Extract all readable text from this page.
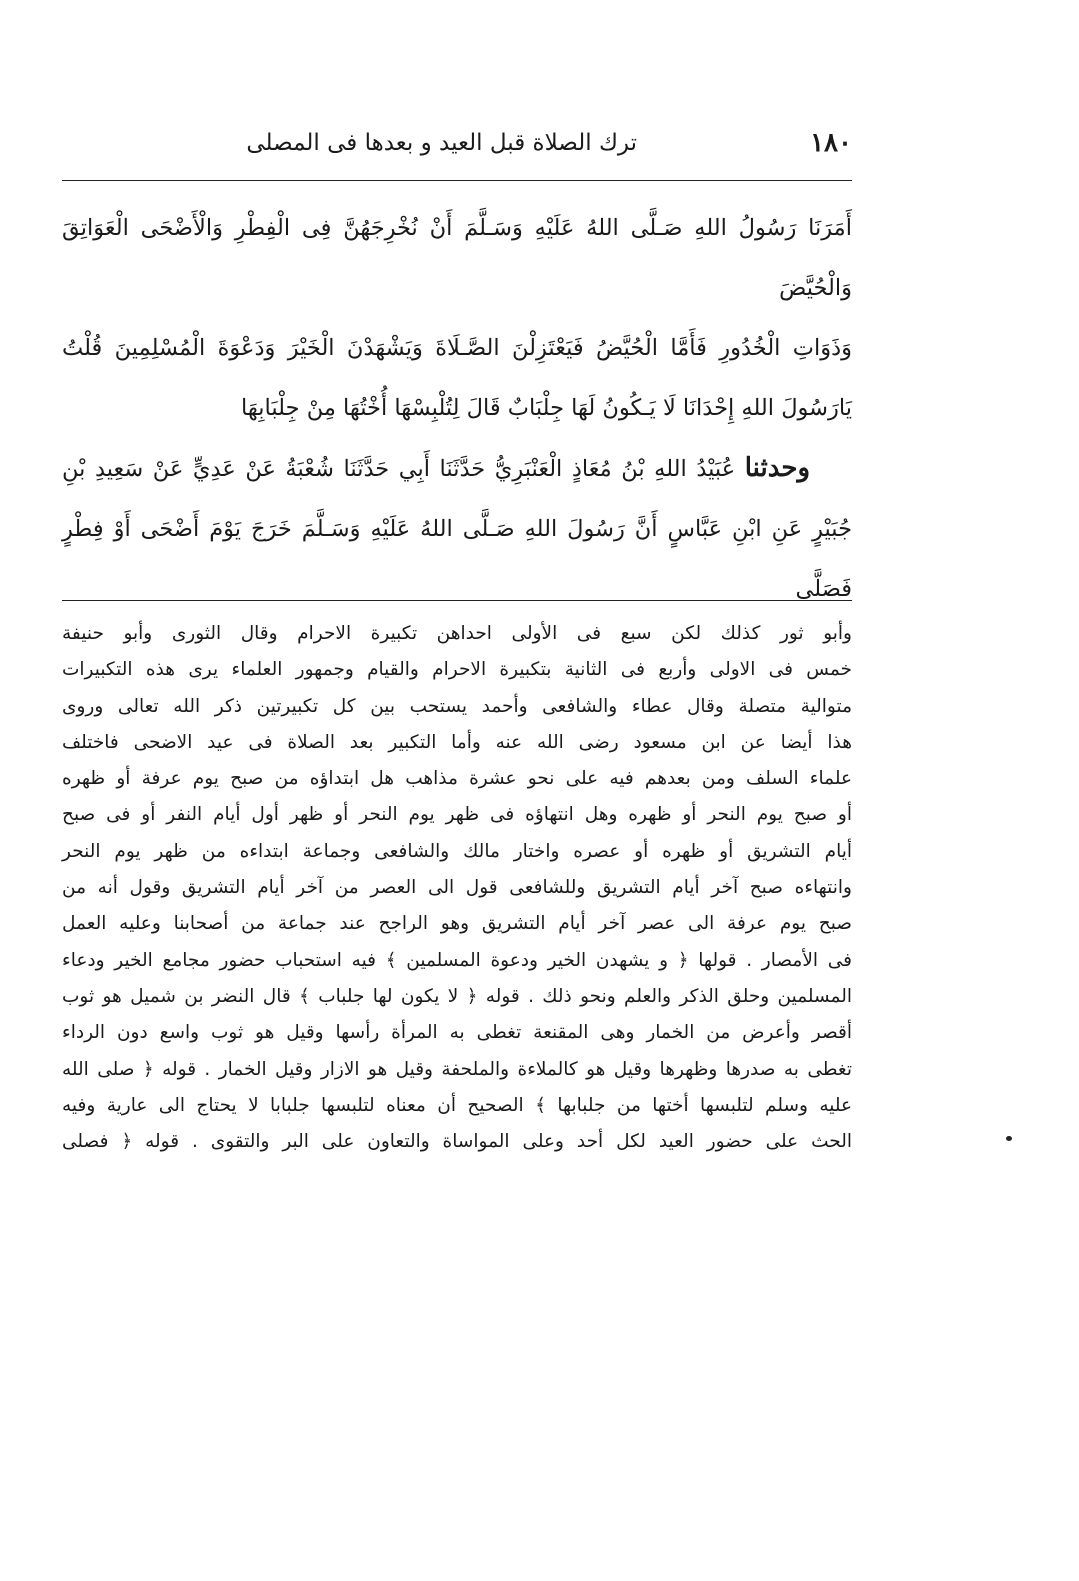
١٨٠
ترك الصلاة قبل العيد و بعدها فى المصلى

أَمَرَنَا رَسُولُ اللهِ صَـلَّى اللهُ عَلَيْهِ وَسَـلَّمَ أَنْ نُخْرِجَهُنَّ فِى الْفِطْرِ وَالْأَضْحَى الْعَوَاتِقَ وَالْحُيَّضَ

وَذَوَاتِ الْخُدُورِ فَأَمَّا الْحُيَّضُ فَيَعْتَزِلْنَ الصَّـلَاةَ وَيَشْهَدْنَ الْخَيْرَ وَدَعْوَةَ الْمُسْلِمِينَ قُلْتُ

يَارَسُولَ اللهِ إِحْدَانَا لَا يَـكُونُ لَهَا جِلْبَابٌ قَالَ لِتُلْبِسْهَا أُخْتُهَا مِنْ جِلْبَابِهَا

وحدثنا عُبَيْدُ اللهِ بْنُ مُعَاذٍ الْعَنْبَرِيُّ حَدَّثَنَا أَبِي حَدَّثَنَا شُعْبَةُ عَنْ عَدِيٍّ عَنْ سَعِيدِ بْنِ

جُبَيْرٍ عَنِ ابْنِ عَبَّاسٍ أَنَّ رَسُولَ اللهِ صَـلَّى اللهُ عَلَيْهِ وَسَـلَّمَ خَرَجَ يَوْمَ أَضْحَى أَوْ فِطْرٍ فَصَلَّى

وأبو ثور كذلك لكن سبع فى الأولى احداهن تكبيرة الاحرام وقال الثورى وأبو حنيفة

خمس فى الاولى وأربع فى الثانية بتكبيرة الاحرام والقيام وجمهور العلماء يرى هذه التكبيرات

متوالية متصلة وقال عطاء والشافعى وأحمد يستحب بين كل تكبيرتين ذكر الله تعالى وروى

هذا أيضا عن ابن مسعود رضى الله عنه وأما التكبير بعد الصلاة فى عيد الاضحى فاختلف

علماء السلف ومن بعدهم فيه على نحو عشرة مذاهب هل ابتداؤه من صبح يوم عرفة أو ظهره

أو صبح يوم النحر أو ظهره وهل انتهاؤه فى ظهر يوم النحر أو ظهر أول أيام النفر أو فى صبح

أيام التشريق أو ظهره أو عصره واختار مالك والشافعى وجماعة ابتداءه من ظهر يوم النحر

وانتهاءه صبح آخر أيام التشريق وللشافعى قول الى العصر من آخر أيام التشريق وقول أنه من

صبح يوم عرفة الى عصر آخر أيام التشريق وهو الراجح عند جماعة من أصحابنا وعليه العمل

فى الأمصار . قولها ﴿ و يشهدن الخير ودعوة المسلمين ﴾ فيه استحباب حضور مجامع الخير ودعاء

المسلمين وحلق الذكر والعلم ونحو ذلك . قوله ﴿ لا يكون لها جلباب ﴾ قال النضر بن شميل هو ثوب

أقصر وأعرض من الخمار وهى المقنعة تغطى به المرأة رأسها وقيل هو ثوب واسع دون الرداء

تغطى به صدرها وظهرها وقيل هو كالملاءة والملحفة وقيل هو الازار وقيل الخمار . قوله ﴿ صلى الله

عليه وسلم لتلبسها أختها من جلبابها ﴾ الصحيح أن معناه لتلبسها جلبابا لا يحتاج الى عارية وفيه

الحث على حضور العيد لكل أحد وعلى المواساة والتعاون على البر والتقوى . قوله ﴿ فصلى
